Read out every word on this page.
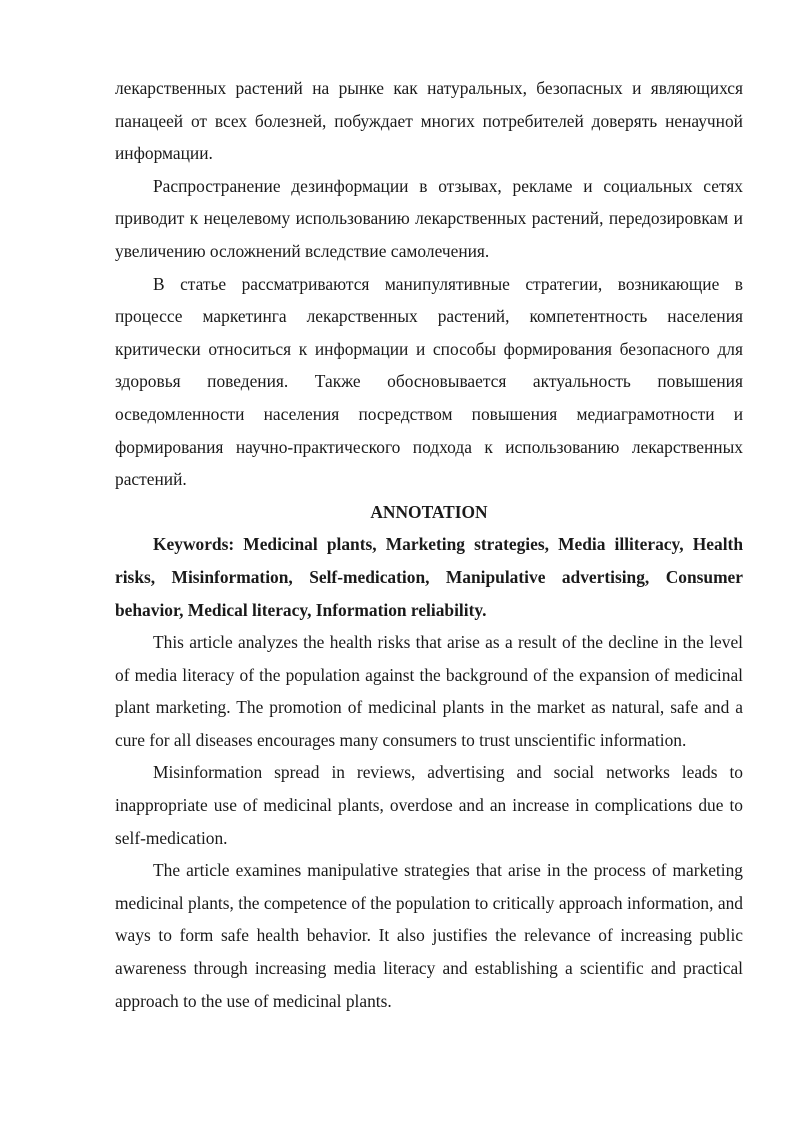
лекарственных растений на рынке как натуральных, безопасных и являющихся панацеей от всех болезней, побуждает многих потребителей доверять ненаучной информации.

Распространение дезинформации в отзывах, рекламе и социальных сетях приводит к нецелевому использованию лекарственных растений, передозировкам и увеличению осложнений вследствие самолечения.

В статье рассматриваются манипулятивные стратегии, возникающие в процессе маркетинга лекарственных растений, компетентность населения критически относиться к информации и способы формирования безопасного для здоровья поведения. Также обосновывается актуальность повышения осведомленности населения посредством повышения медиаграмотности и формирования научно-практического подхода к использованию лекарственных растений.

ANNOTATION

Keywords: Medicinal plants, Marketing strategies, Media illiteracy, Health risks, Misinformation, Self-medication, Manipulative advertising, Consumer behavior, Medical literacy, Information reliability.

This article analyzes the health risks that arise as a result of the decline in the level of media literacy of the population against the background of the expansion of medicinal plant marketing. The promotion of medicinal plants in the market as natural, safe and a cure for all diseases encourages many consumers to trust unscientific information.

Misinformation spread in reviews, advertising and social networks leads to inappropriate use of medicinal plants, overdose and an increase in complications due to self-medication.

The article examines manipulative strategies that arise in the process of marketing medicinal plants, the competence of the population to critically approach information, and ways to form safe health behavior. It also justifies the relevance of increasing public awareness through increasing media literacy and establishing a scientific and practical approach to the use of medicinal plants.
